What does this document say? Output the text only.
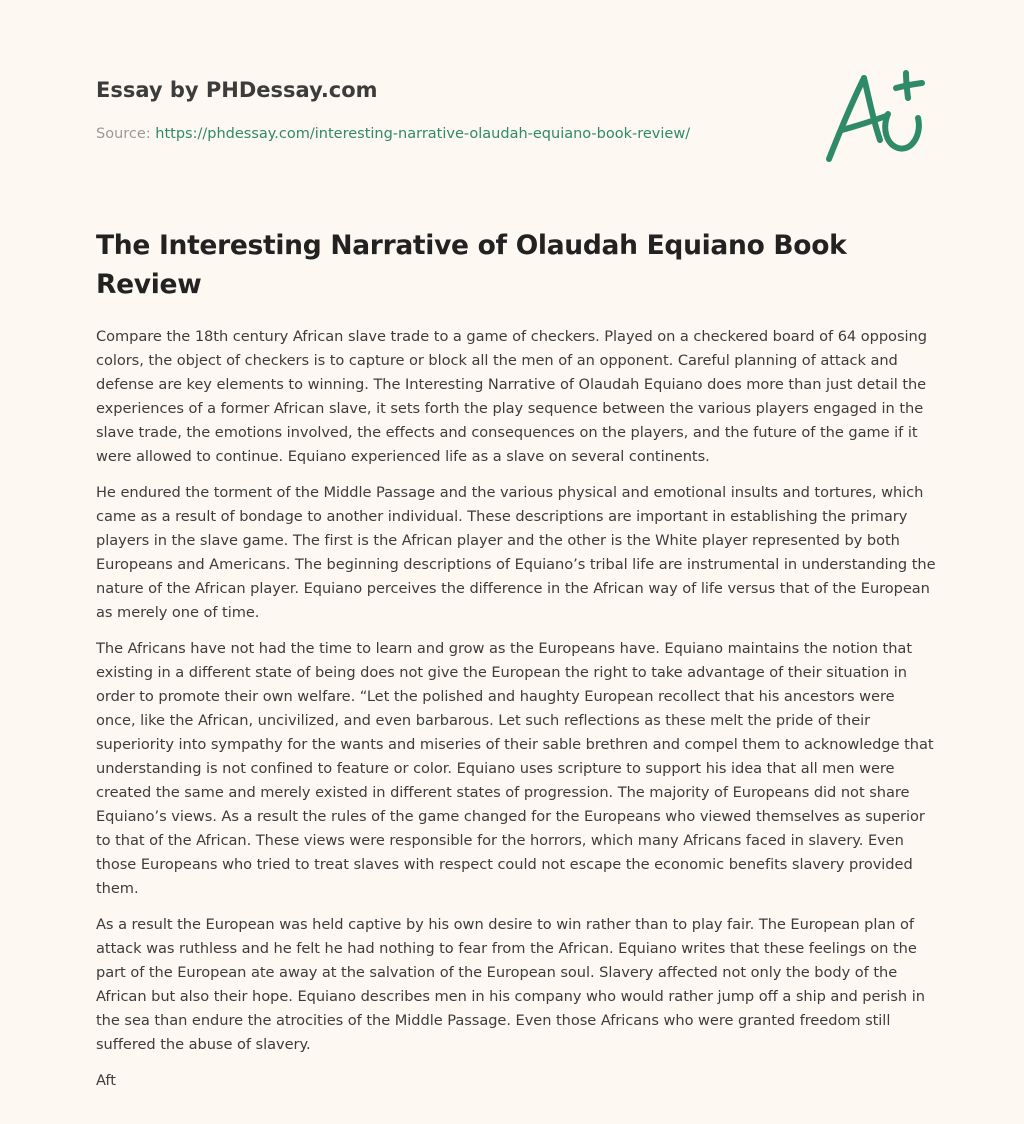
Essay by PHDessay.com
Source: https://phdessay.com/interesting-narrative-olaudah-equiano-book-review/
The Interesting Narrative of Olaudah Equiano Book Review

Compare the 18th century African slave trade to a game of checkers. Played on a checkered board of 64 opposing colors, the object of checkers is to capture or block all the men of an opponent. Careful planning of attack and defense are key elements to winning. The Interesting Narrative of Olaudah Equiano does more than just detail the experiences of a former African slave, it sets forth the play sequence between the various players engaged in the slave trade, the emotions involved, the effects and consequences on the players, and the future of the game if it were allowed to continue. Equiano experienced life as a slave on several continents.

He endured the torment of the Middle Passage and the various physical and emotional insults and tortures, which came as a result of bondage to another individual. These descriptions are important in establishing the primary players in the slave game. The first is the African player and the other is the White player represented by both Europeans and Americans. The beginning descriptions of Equiano’s tribal life are instrumental in understanding the nature of the African player. Equiano perceives the difference in the African way of life versus that of the European as merely one of time.

The Africans have not had the time to learn and grow as the Europeans have. Equiano maintains the notion that existing in a different state of being does not give the European the right to take advantage of their situation in order to promote their own welfare. “Let the polished and haughty European recollect that his ancestors were once, like the African, uncivilized, and even barbarous. Let such reflections as these melt the pride of their superiority into sympathy for the wants and miseries of their sable brethren and compel them to acknowledge that understanding is not confined to feature or color. Equiano uses scripture to support his idea that all men were created the same and merely existed in different states of progression. The majority of Europeans did not share Equiano’s views. As a result the rules of the game changed for the Europeans who viewed themselves as superior to that of the African. These views were responsible for the horrors, which many Africans faced in slavery. Even those Europeans who tried to treat slaves with respect could not escape the economic benefits slavery provided them.

As a result the European was held captive by his own desire to win rather than to play fair. The European plan of attack was ruthless and he felt he had nothing to fear from the African. Equiano writes that these feelings on the part of the European ate away at the salvation of the European soul. Slavery affected not only the body of the African but also their hope. Equiano describes men in his company who would rather jump off a ship and perish in the sea than endure the atrocities of the Middle Passage. Even those Africans who were granted freedom still suffered the abuse of slavery.

Aft
